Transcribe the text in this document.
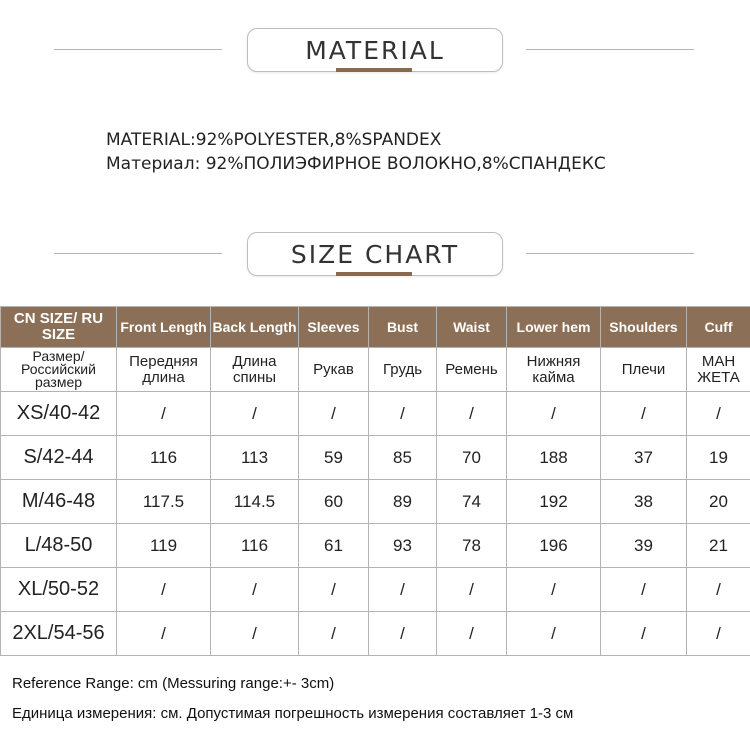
MATERIAL
MATERIAL:92%POLYESTER,8%SPANDEX
Материал: 92%ПОЛИЭФИРНОЕ ВОЛОКНО,8%СПАНДЕКС
SIZE CHART
CN SIZE/ RU SIZE	Front Length	Back Length	Sleeves	Bust	Waist	Lower hem	Shoulders	Cuff
Размер/ Российский размер	Передняя длина	Длина спины	Рукав	Грудь	Ремень	Нижняя кайма	Плечи	МАН ЖЕТА
XS/40-42	/	/	/	/	/	/	/	/
S/42-44	116	113	59	85	70	188	37	19
M/46-48	117.5	114.5	60	89	74	192	38	20
L/48-50	119	116	61	93	78	196	39	21
XL/50-52	/	/	/	/	/	/	/	/
2XL/54-56	/	/	/	/	/	/	/	/
Reference Range: cm (Messuring range:+- 3cm)
Единица измерения: см. Допустимая погрешность измерения составляет 1-3 см
